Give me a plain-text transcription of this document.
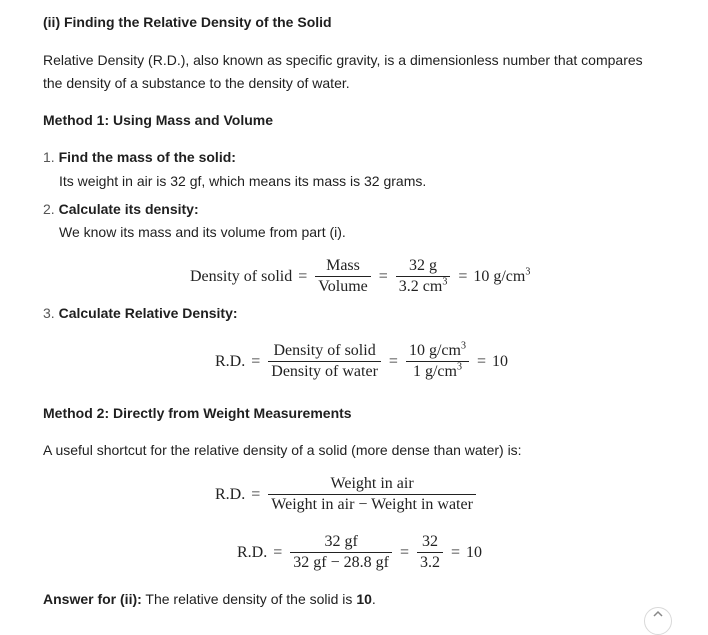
(ii) Finding the Relative Density of the Solid
Relative Density (R.D.), also known as specific gravity, is a dimensionless number that compares
the density of a substance to the density of water.
Method 1: Using Mass and Volume
1. Find the mass of the solid:
Its weight in air is 32 gf, which means its mass is 32 grams.
2. Calculate its density:
We know its mass and its volume from part (i).
Density of solid = $\frac{\text{Mass}}{\text{Volume}} = \frac{32 g}{3.2 cm^3} = 10$ $g/cm^3$
3. Calculate Relative Density:
R.D. = $\frac{\text{Density of solid}}{\text{Density of water}} = \frac{10 g/cm^3}{1 g/cm^3} = 10$
Method 2: Directly from Weight Measurements
A useful shortcut for the relative density of a solid (more dense than water) is:
R.D. = $\frac{\text{Weight in air}}{\text{Weight in air − Weight in water}}$
R.D. = $\frac{32 gf}{32 gf - 28.8 gf} = \frac{32}{3.2} = 10$
Answer for (ii): The relative density of the solid is 10.
